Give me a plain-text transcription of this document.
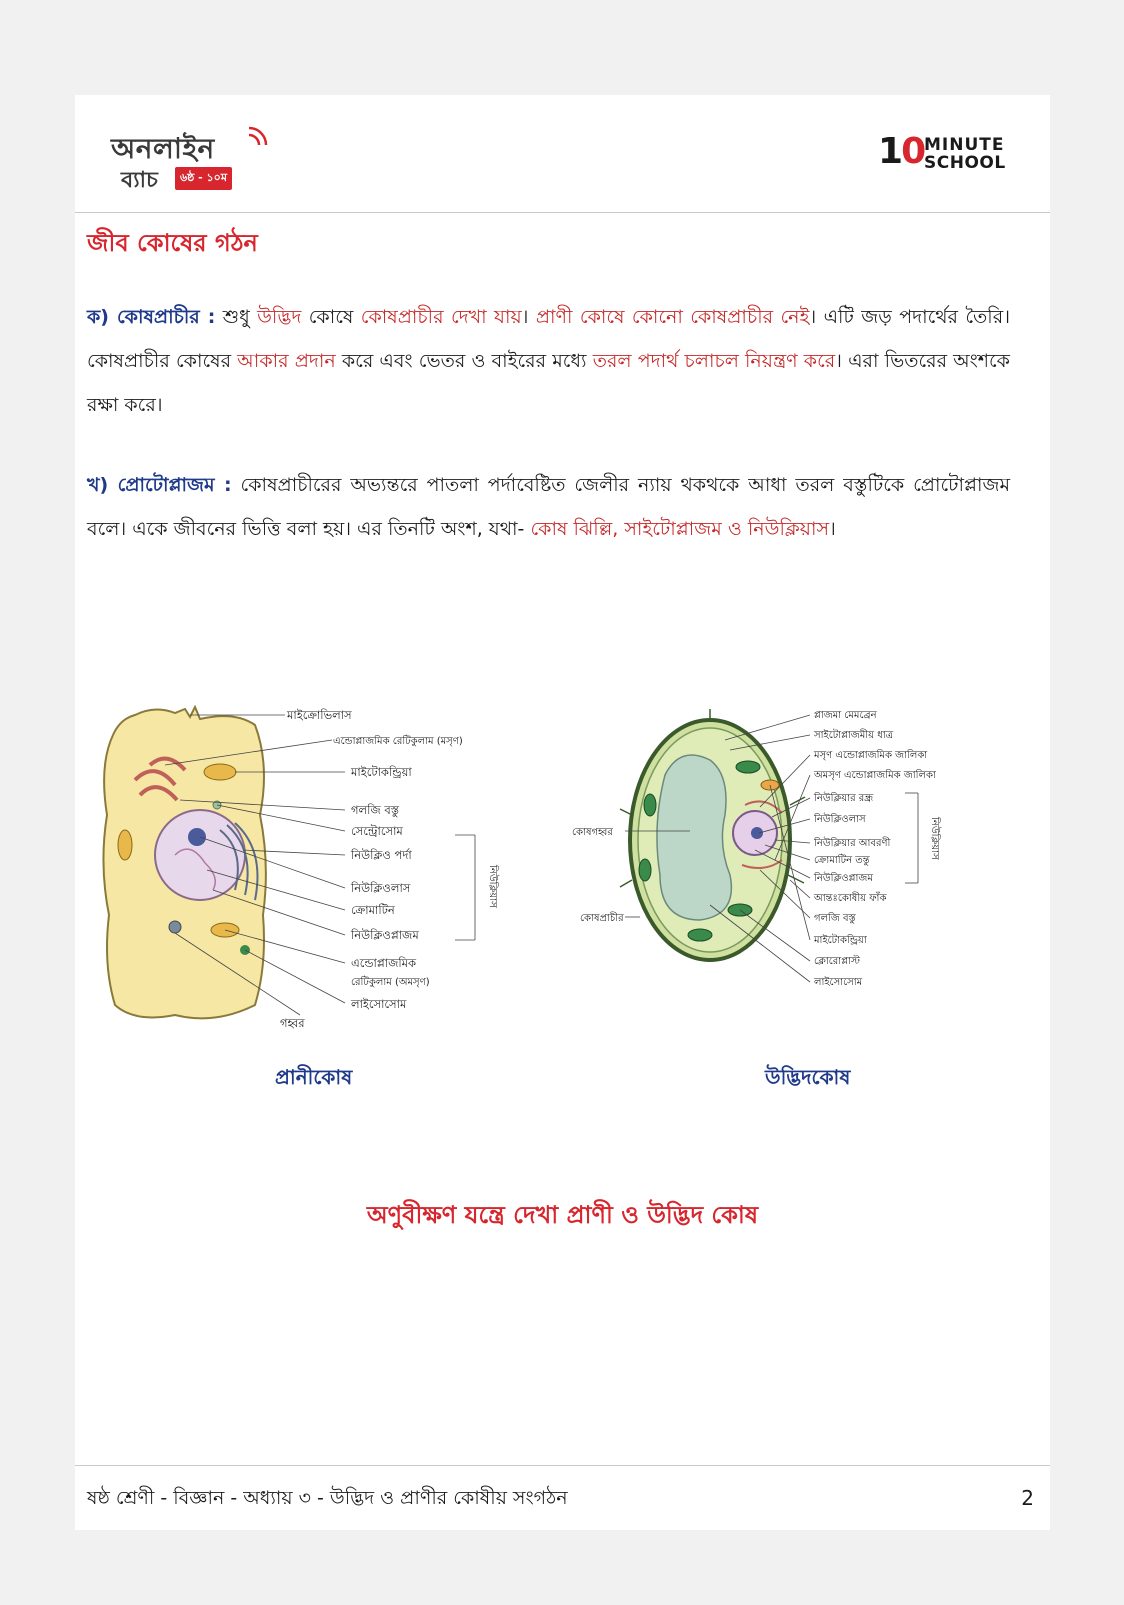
অনলাইন
ব্যাচ	৬ষ্ঠ - ১০ম
10 MINUTE
SCHOOL
জীব কোষের গঠন
ক) কোষপ্রাচীর : শুধু উদ্ভিদ কোষে কোষপ্রাচীর দেখা যায়। প্রাণী কোষে কোনো কোষপ্রাচীর নেই। এটি জড় পদার্থের তৈরি। কোষপ্রাচীর কোষের আকার প্রদান করে এবং ভেতর ও বাইরের মধ্যে তরল পদার্থ চলাচল নিয়ন্ত্রণ করে। এরা ভিতরের অংশকে রক্ষা করে।
খ) প্রোটোপ্লাজম : কোষপ্রাচীরের অভ্যন্তরে পাতলা পর্দাবেষ্টিত জেলীর ন্যায় থকথকে আধা তরল বস্তুটিকে প্রোটোপ্লাজম বলে। একে জীবনের ভিত্তি বলা হয়। এর তিনটি অংশ, যথা- কোষ ঝিল্লি, সাইটোপ্লাজম ও নিউক্লিয়াস।
মাইক্রোভিলাস
এন্ডোপ্লাজমিক রেটিকুলাম (মসৃণ)
মাইটোকন্ড্রিয়া
গলজি বস্তু
সেন্ট্রোসোম
নিউক্লিও পর্দা
নিউক্লিওলাস
ক্রোমাটিন
নিউক্লিওপ্লাজম
এন্ডোপ্লাজমিক
রেটিকুলাম (অমসৃণ)
লাইসোসোম
গহ্বর
নিউক্লিয়াস
প্লাজমা মেমব্রেন
সাইটোপ্লাজমীয় ধাত্র
মসৃণ এন্ডোপ্লাজমিক জালিকা
অমসৃণ এন্ডোপ্লাজমিক জালিকা
নিউক্লিয়ার রন্ধ্র
নিউক্লিওলাস
নিউক্লিয়ার আবরণী
ক্রোমাটিন তন্তু
নিউক্লিওপ্লাজম
আন্তঃকোষীয় ফাঁক
গলজি বস্তু
মাইটোকন্ড্রিয়া
ক্লোরোপ্লাস্ট
লাইসোসোম
কোষগহ্বর
কোষপ্রাচীর
নিউক্লিয়াস
প্রানীকোষ	উদ্ভিদকোষ
অণুবীক্ষণ যন্ত্রে দেখা প্রাণী ও উদ্ভিদ কোষ
ষষ্ঠ শ্রেণী - বিজ্ঞান - অধ্যায় ৩ - উদ্ভিদ ও প্রাণীর কোষীয় সংগঠন	2
